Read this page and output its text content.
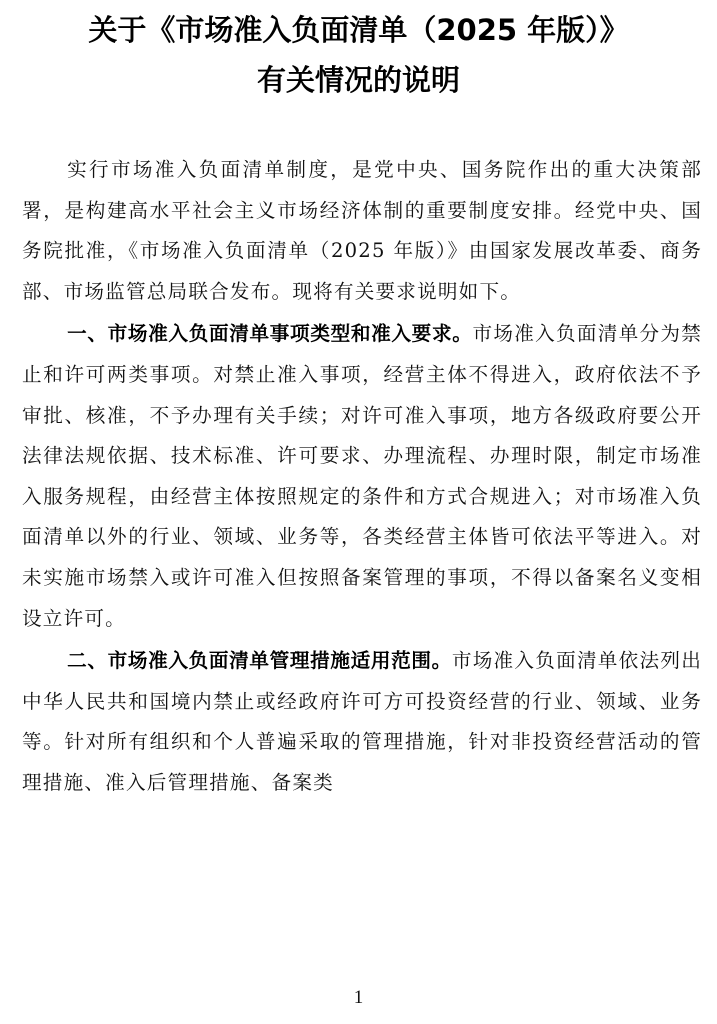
关于《市场准入负面清单（2025 年版）》
有关情况的说明

实行市场准入负面清单制度，是党中央、国务院作出的重大决策部署，是构建高水平社会主义市场经济体制的重要制度安排。经党中央、国务院批准，《市场准入负面清单（2025 年版）》由国家发展改革委、商务部、市场监管总局联合发布。现将有关要求说明如下。

一、市场准入负面清单事项类型和准入要求。市场准入负面清单分为禁止和许可两类事项。对禁止准入事项，经营主体不得进入，政府依法不予审批、核准，不予办理有关手续；对许可准入事项，地方各级政府要公开法律法规依据、技术标准、许可要求、办理流程、办理时限，制定市场准入服务规程，由经营主体按照规定的条件和方式合规进入；对市场准入负面清单以外的行业、领域、业务等，各类经营主体皆可依法平等进入。对未实施市场禁入或许可准入但按照备案管理的事项，不得以备案名义变相设立许可。

二、市场准入负面清单管理措施适用范围。市场准入负面清单依法列出中华人民共和国境内禁止或经政府许可方可投资经营的行业、领域、业务等。针对所有组织和个人普遍采取的管理措施，针对非投资经营活动的管理措施、准入后管理措施、备案类

1
